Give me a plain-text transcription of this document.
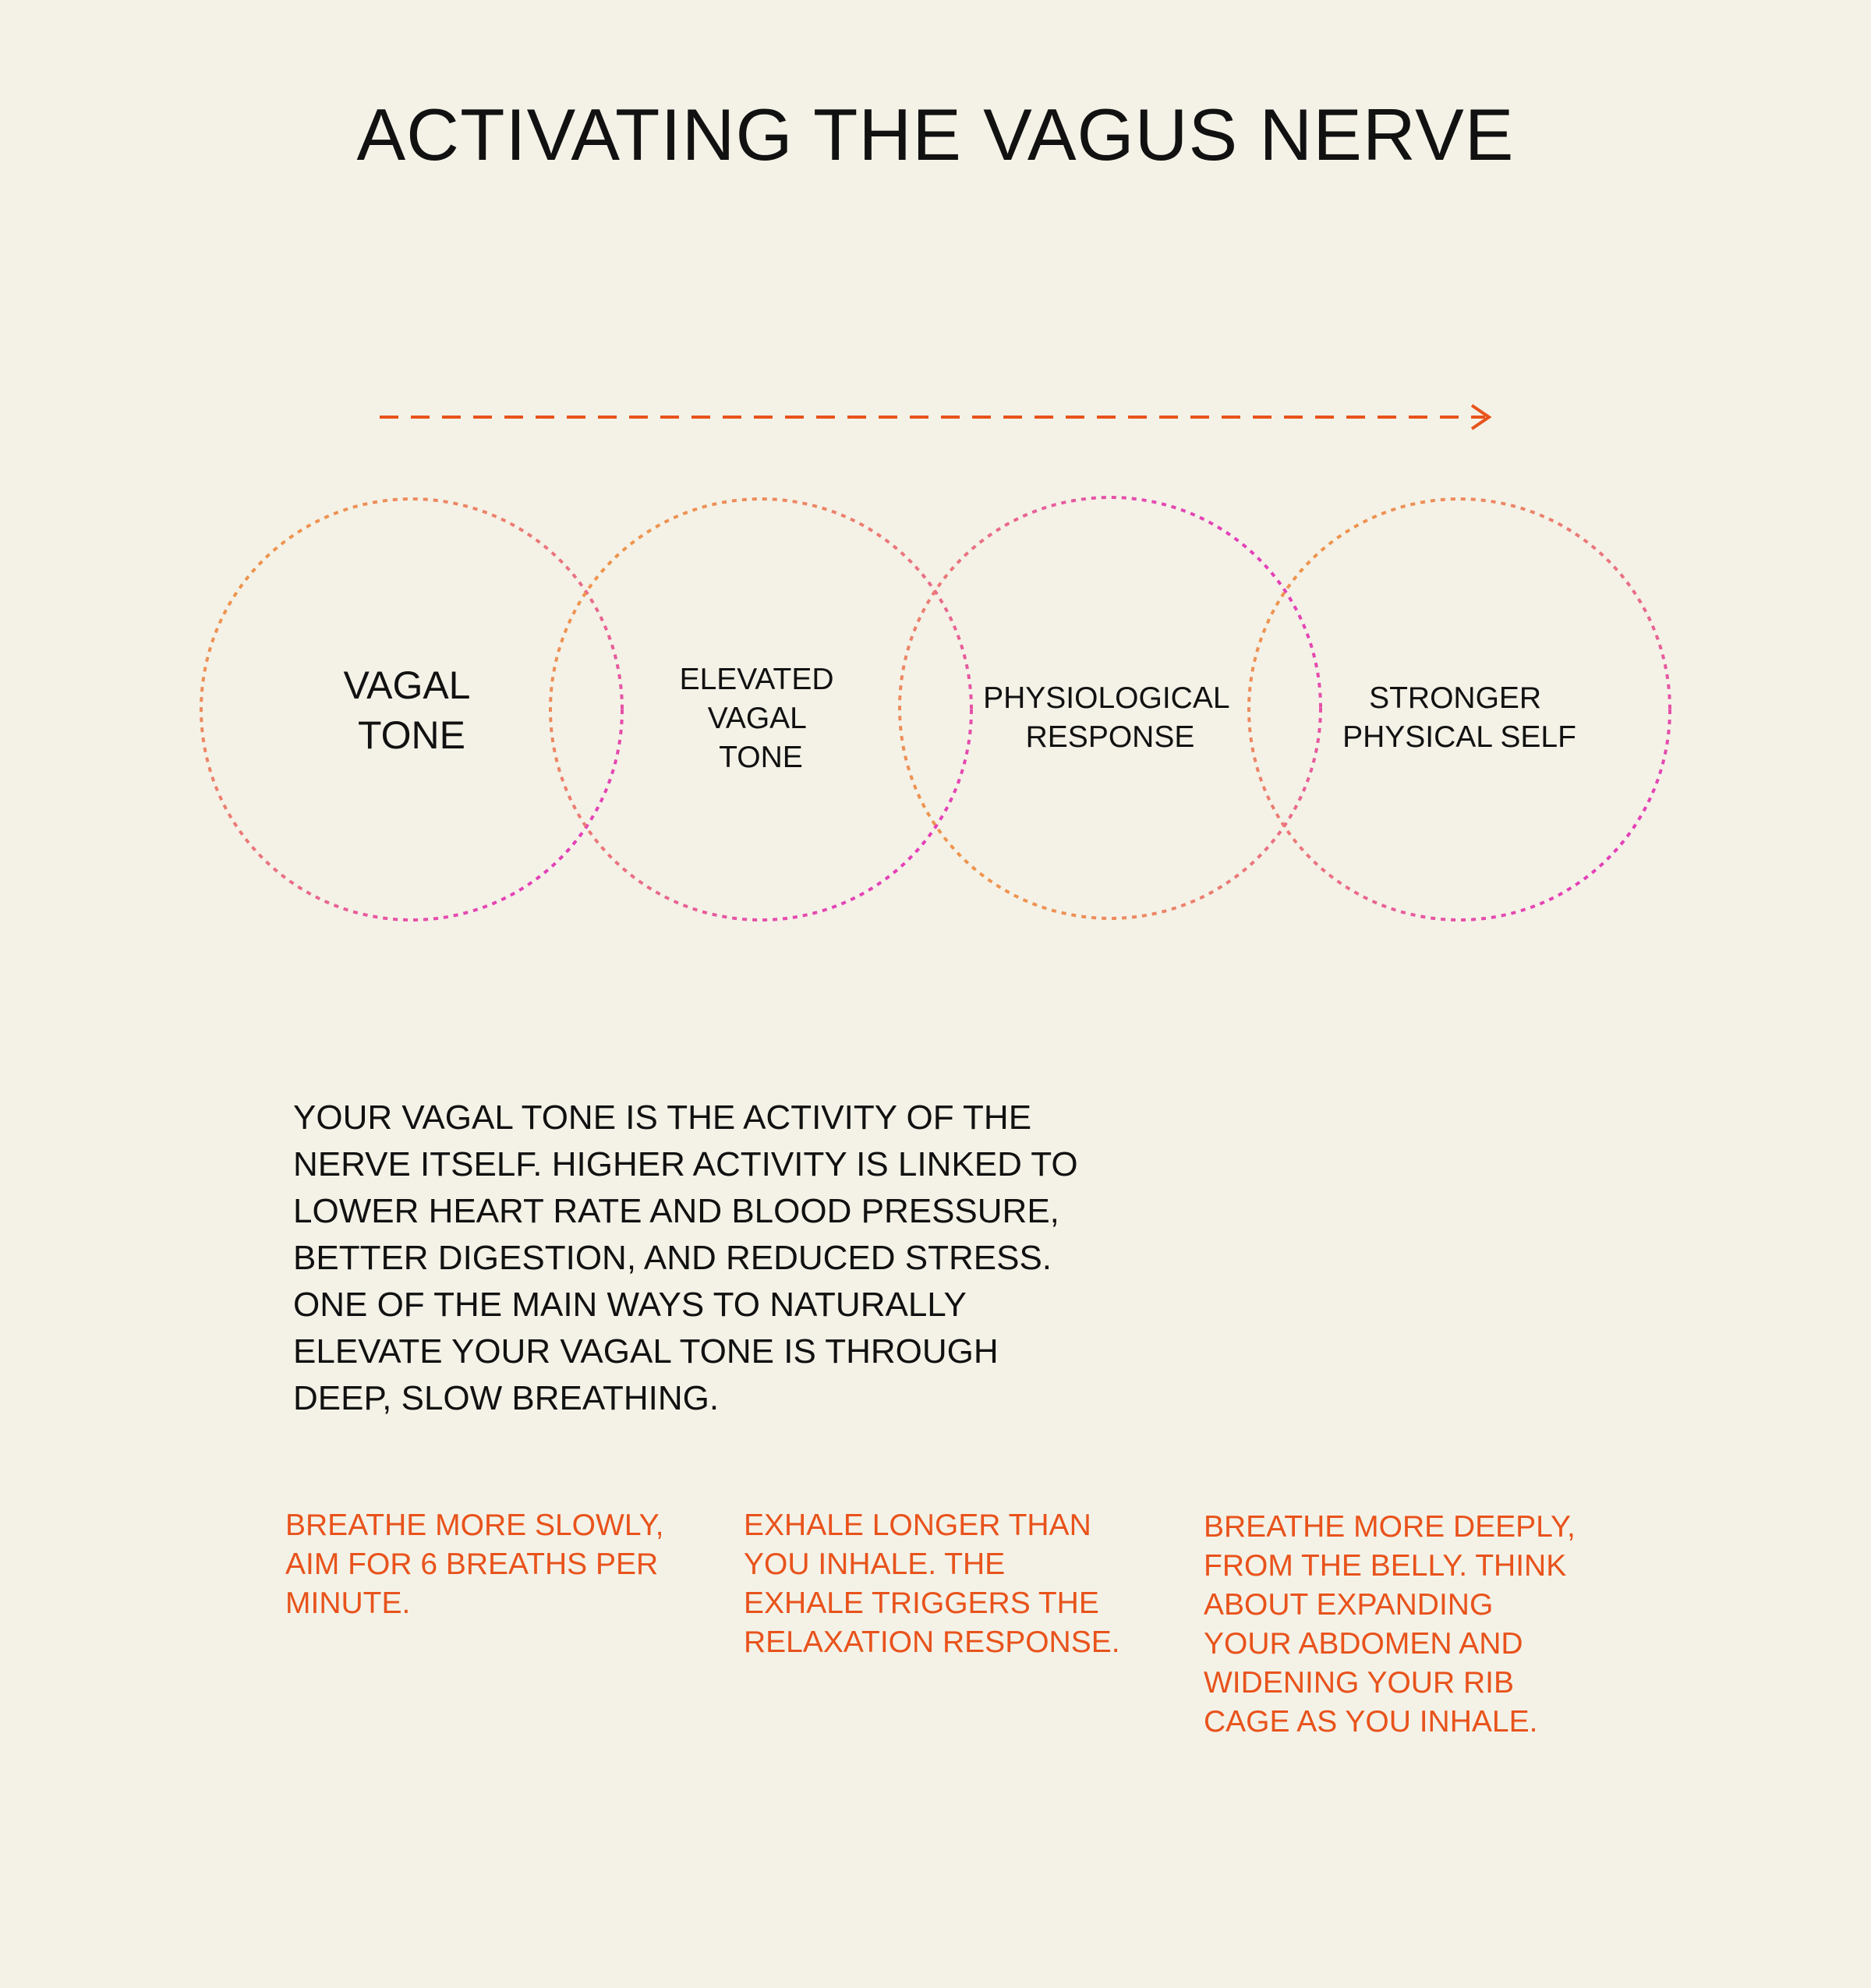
ACTIVATING THE VAGUS NERVE
VAGAL TONE
ELEVATED VAGAL TONE
PHYSIOLOGICAL RESPONSE
STRONGER PHYSICAL SELF

YOUR VAGAL TONE IS THE ACTIVITY OF THE
NERVE ITSELF. HIGHER ACTIVITY IS LINKED TO
LOWER HEART RATE AND BLOOD PRESSURE,
BETTER DIGESTION, AND REDUCED STRESS.
ONE OF THE MAIN WAYS TO NATURALLY
ELEVATE YOUR VAGAL TONE IS THROUGH
DEEP, SLOW BREATHING.

BREATHE MORE SLOWLY,
AIM FOR 6 BREATHS PER
MINUTE.

EXHALE LONGER THAN
YOU INHALE. THE
EXHALE TRIGGERS THE
RELAXATION RESPONSE.

BREATHE MORE DEEPLY,
FROM THE BELLY. THINK
ABOUT EXPANDING
YOUR ABDOMEN AND
WIDENING YOUR RIB
CAGE AS YOU INHALE.
